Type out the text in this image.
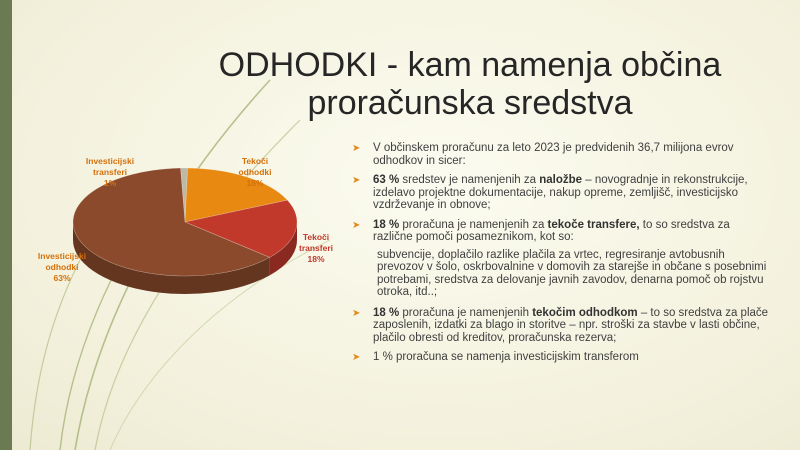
ODHODKI - kam namenja občina
proračunska sredstva
Investicijski
transferi
1%
Tekoči
odhodki
18%
Tekoči
transferi
18%
Investicijski
odhodki
63%
➤ V občinskem proračunu za leto 2023 je predvidenih 36,7 milijona evrov odhodkov in sicer:
➤ 63 % sredstev je namenjenih za naložbe – novogradnje in rekonstrukcije, izdelavo projektne dokumentacije, nakup opreme, zemljišč, investicijsko vzdrževanje in obnove;
➤ 18 % proračuna je namenjenih za tekoče transfere, to so sredstva za različne pomoči posameznikom, kot so:
subvencije, doplačilo razlike plačila za vrtec, regresiranje avtobusnih prevozov v šolo, oskrbovalnine v domovih za starejše in občane s posebnimi potrebami, sredstva za delovanje javnih zavodov, denarna pomoč ob rojstvu otroka, itd..;
➤ 18 % proračuna je namenjenih tekočim odhodkom – to so sredstva za plače zaposlenih, izdatki za blago in storitve – npr. stroški za stavbe v lasti občine, plačilo obresti od kreditov, proračunska rezerva;
➤ 1 % proračuna se namenja investicijskim transferom
